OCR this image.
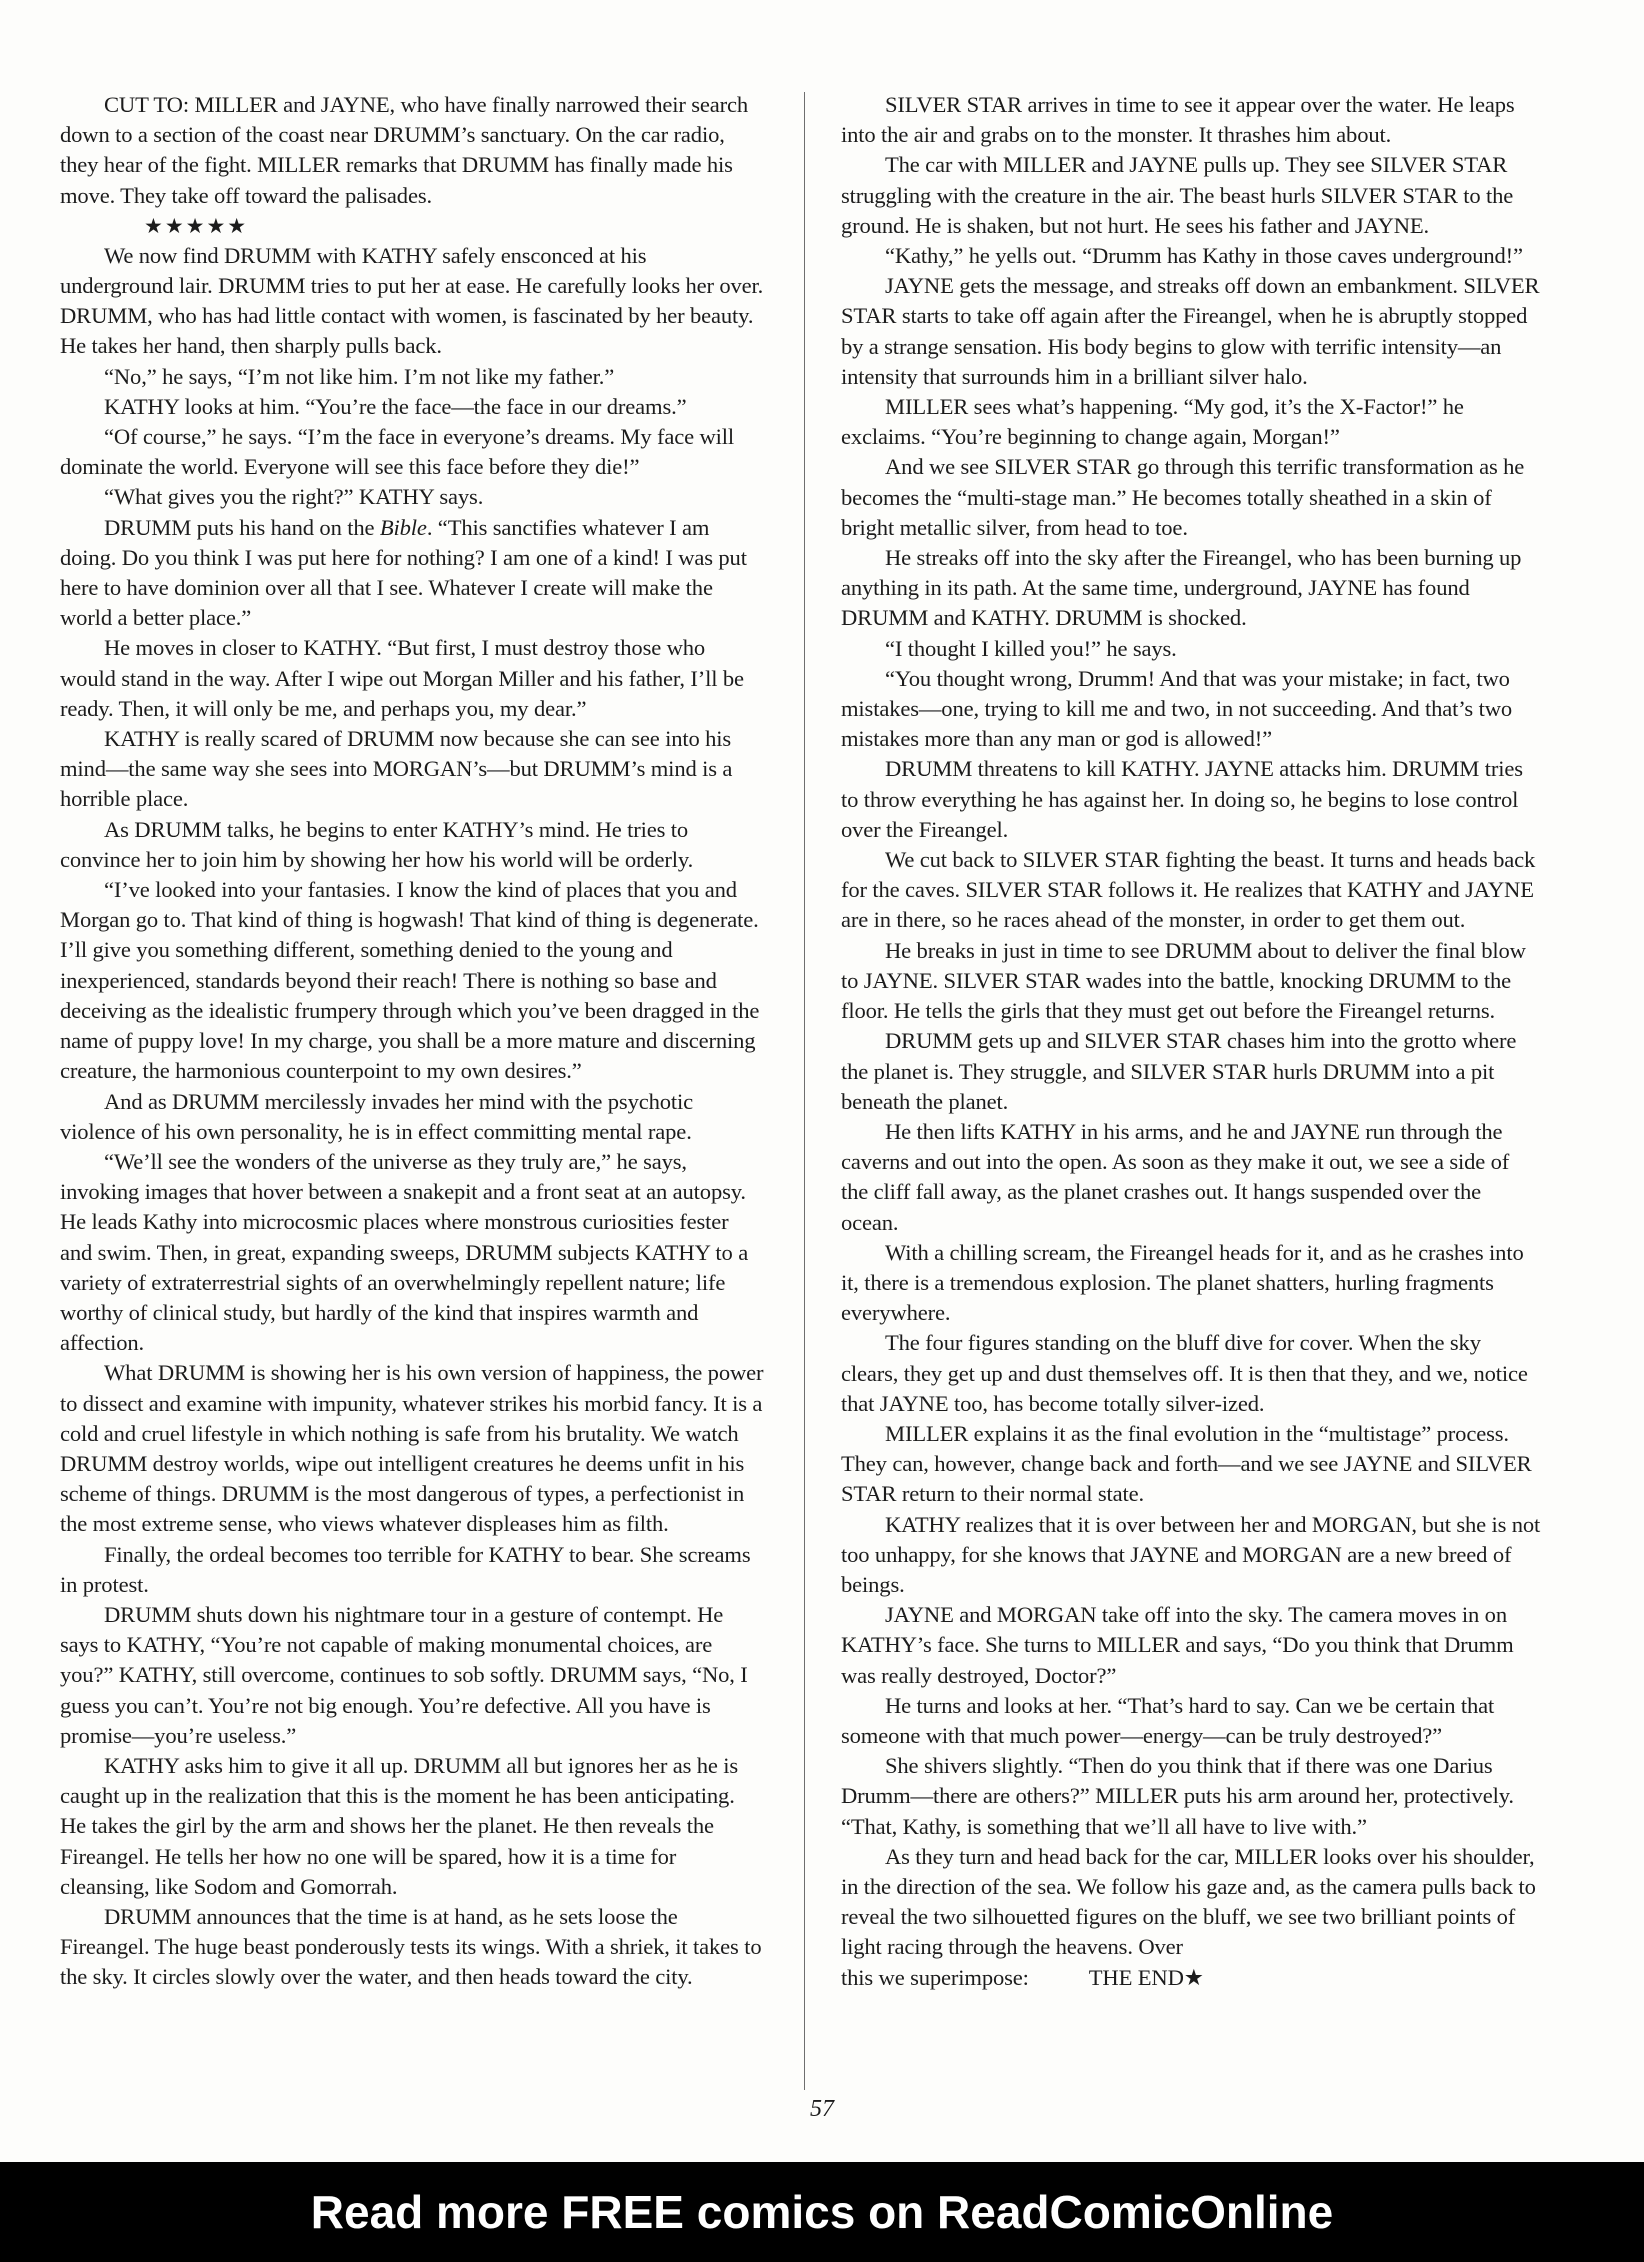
CUT TO: MILLER and JAYNE, who have finally narrowed their search down to a section of the coast near DRUMM’s sanctuary. On the car radio, they hear of the fight. MILLER remarks that DRUMM has finally made his move. They take off toward the palisades.

★★★★★

We now find DRUMM with KATHY safely ensconced at his underground lair. DRUMM tries to put her at ease. He carefully looks her over. DRUMM, who has had little contact with women, is fascinated by her beauty. He takes her hand, then sharply pulls back.

“No,” he says, “I’m not like him. I’m not like my father.”

KATHY looks at him. “You’re the face—the face in our dreams.”

“Of course,” he says. “I’m the face in everyone’s dreams. My face will dominate the world. Everyone will see this face before they die!”

“What gives you the right?” KATHY says.

DRUMM puts his hand on the Bible. “This sanctifies whatever I am doing. Do you think I was put here for nothing? I am one of a kind! I was put here to have dominion over all that I see. Whatever I create will make the world a better place.”

He moves in closer to KATHY. “But first, I must destroy those who would stand in the way. After I wipe out Morgan Miller and his father, I’ll be ready. Then, it will only be me, and perhaps you, my dear.”

KATHY is really scared of DRUMM now because she can see into his mind—the same way she sees into MORGAN’s—but DRUMM’s mind is a horrible place.

As DRUMM talks, he begins to enter KATHY’s mind. He tries to convince her to join him by showing her how his world will be orderly.

“I’ve looked into your fantasies. I know the kind of places that you and Morgan go to. That kind of thing is hogwash! That kind of thing is degenerate. I’ll give you something different, something denied to the young and inexperienced, standards beyond their reach! There is nothing so base and deceiving as the idealistic frumpery through which you’ve been dragged in the name of puppy love! In my charge, you shall be a more mature and discerning creature, the harmonious counterpoint to my own desires.”

And as DRUMM mercilessly invades her mind with the psychotic violence of his own personality, he is in effect committing mental rape.

“We’ll see the wonders of the universe as they truly are,” he says, invoking images that hover between a snakepit and a front seat at an autopsy. He leads Kathy into microcosmic places where monstrous curiosities fester and swim. Then, in great, expanding sweeps, DRUMM subjects KATHY to a variety of extraterrestrial sights of an overwhelmingly repellent nature; life worthy of clinical study, but hardly of the kind that inspires warmth and affection.

What DRUMM is showing her is his own version of happiness, the power to dissect and examine with impunity, whatever strikes his morbid fancy. It is a cold and cruel lifestyle in which nothing is safe from his brutality. We watch DRUMM destroy worlds, wipe out intelligent creatures he deems unfit in his scheme of things. DRUMM is the most dangerous of types, a perfectionist in the most extreme sense, who views whatever displeases him as filth.

Finally, the ordeal becomes too terrible for KATHY to bear. She screams in protest.

DRUMM shuts down his nightmare tour in a gesture of contempt. He says to KATHY, “You’re not capable of making monumental choices, are you?” KATHY, still overcome, continues to sob softly. DRUMM says, “No, I guess you can’t. You’re not big enough. You’re defective. All you have is promise—you’re useless.”

KATHY asks him to give it all up. DRUMM all but ignores her as he is caught up in the realization that this is the moment he has been anticipating. He takes the girl by the arm and shows her the planet. He then reveals the Fireangel. He tells her how no one will be spared, how it is a time for cleansing, like Sodom and Gomorrah.

DRUMM announces that the time is at hand, as he sets loose the Fireangel. The huge beast ponderously tests its wings. With a shriek, it takes to the sky. It circles slowly over the water, and then heads toward the city.

SILVER STAR arrives in time to see it appear over the water. He leaps into the air and grabs on to the monster. It thrashes him about.

The car with MILLER and JAYNE pulls up. They see SILVER STAR struggling with the creature in the air. The beast hurls SILVER STAR to the ground. He is shaken, but not hurt. He sees his father and JAYNE.

“Kathy,” he yells out. “Drumm has Kathy in those caves underground!”

JAYNE gets the message, and streaks off down an embankment. SILVER STAR starts to take off again after the Fireangel, when he is abruptly stopped by a strange sensation. His body begins to glow with terrific intensity—an intensity that surrounds him in a brilliant silver halo.

MILLER sees what’s happening. “My god, it’s the X-Factor!” he exclaims. “You’re beginning to change again, Morgan!”

And we see SILVER STAR go through this terrific transformation as he becomes the “multi-stage man.” He becomes totally sheathed in a skin of bright metallic silver, from head to toe.

He streaks off into the sky after the Fireangel, who has been burning up anything in its path. At the same time, underground, JAYNE has found DRUMM and KATHY. DRUMM is shocked.

“I thought I killed you!” he says.

“You thought wrong, Drumm! And that was your mistake; in fact, two mistakes—one, trying to kill me and two, in not succeeding. And that’s two mistakes more than any man or god is allowed!”

DRUMM threatens to kill KATHY. JAYNE attacks him. DRUMM tries to throw everything he has against her. In doing so, he begins to lose control over the Fireangel.

We cut back to SILVER STAR fighting the beast. It turns and heads back for the caves. SILVER STAR follows it. He realizes that KATHY and JAYNE are in there, so he races ahead of the monster, in order to get them out.

He breaks in just in time to see DRUMM about to deliver the final blow to JAYNE. SILVER STAR wades into the battle, knocking DRUMM to the floor. He tells the girls that they must get out before the Fireangel returns.

DRUMM gets up and SILVER STAR chases him into the grotto where the planet is. They struggle, and SILVER STAR hurls DRUMM into a pit beneath the planet.

He then lifts KATHY in his arms, and he and JAYNE run through the caverns and out into the open. As soon as they make it out, we see a side of the cliff fall away, as the planet crashes out. It hangs suspended over the ocean.

With a chilling scream, the Fireangel heads for it, and as he crashes into it, there is a tremendous explosion. The planet shatters, hurling fragments everywhere.

The four figures standing on the bluff dive for cover. When the sky clears, they get up and dust themselves off. It is then that they, and we, notice that JAYNE too, has become totally silver-ized.

MILLER explains it as the final evolution in the “multistage” process. They can, however, change back and forth—and we see JAYNE and SILVER STAR return to their normal state.

KATHY realizes that it is over between her and MORGAN, but she is not too unhappy, for she knows that JAYNE and MORGAN are a new breed of beings.

JAYNE and MORGAN take off into the sky. The camera moves in on KATHY’s face. She turns to MILLER and says, “Do you think that Drumm was really destroyed, Doctor?”

He turns and looks at her. “That’s hard to say. Can we be certain that someone with that much power—energy—can be truly destroyed?”

She shivers slightly. “Then do you think that if there was one Darius Drumm—there are others?” MILLER puts his arm around her, protectively. “That, Kathy, is something that we’ll all have to live with.”

As they turn and head back for the car, MILLER looks over his shoulder, in the direction of the sea. We follow his gaze and, as the camera pulls back to reveal the two silhouetted figures on the bluff, we see two brilliant points of light racing through the heavens. Over

this we superimpose:	THE END★

57
Read more FREE comics on ReadComicOnline
